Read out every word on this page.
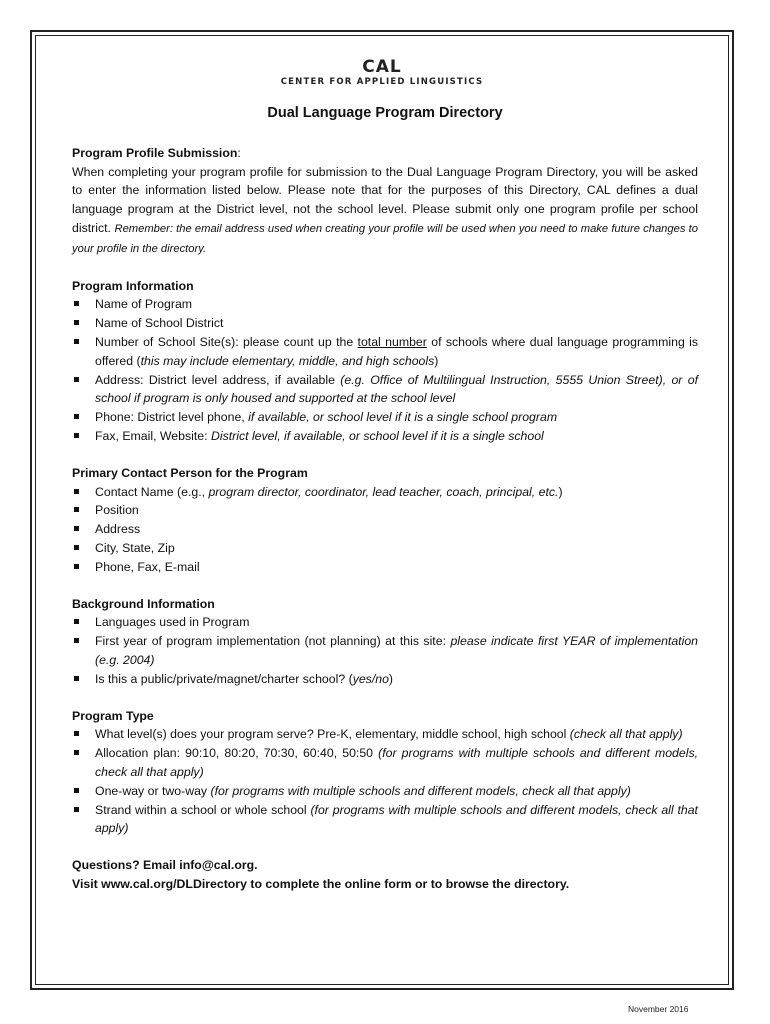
CAL
CENTER FOR APPLIED LINGUISTICS
Dual Language Program Directory
Program Profile Submission:
When completing your program profile for submission to the Dual Language Program Directory, you will be asked to enter the information listed below. Please note that for the purposes of this Directory, CAL defines a dual language program at the District level, not the school level. Please submit only one program profile per school district. Remember: the email address used when creating your profile will be used when you need to make future changes to your profile in the directory.
Program Information
Name of Program
Name of School District
Number of School Site(s): please count up the total number of schools where dual language programming is offered (this may include elementary, middle, and high schools)
Address: District level address, if available (e.g. Office of Multilingual Instruction, 5555 Union Street), or of school if program is only housed and supported at the school level
Phone: District level phone, if available, or school level if it is a single school program
Fax, Email, Website: District level, if available, or school level if it is a single school
Primary Contact Person for the Program
Contact Name (e.g., program director, coordinator, lead teacher, coach, principal, etc.)
Position
Address
City, State, Zip
Phone, Fax, E-mail
Background Information
Languages used in Program
First year of program implementation (not planning) at this site: please indicate first YEAR of implementation (e.g. 2004)
Is this a public/private/magnet/charter school? (yes/no)
Program Type
What level(s) does your program serve? Pre-K, elementary, middle school, high school (check all that apply)
Allocation plan: 90:10, 80:20, 70:30, 60:40, 50:50 (for programs with multiple schools and different models, check all that apply)
One-way or two-way (for programs with multiple schools and different models, check all that apply)
Strand within a school or whole school (for programs with multiple schools and different models, check all that apply)
Questions? Email info@cal.org.
Visit www.cal.org/DLDirectory to complete the online form or to browse the directory.
November 2016
